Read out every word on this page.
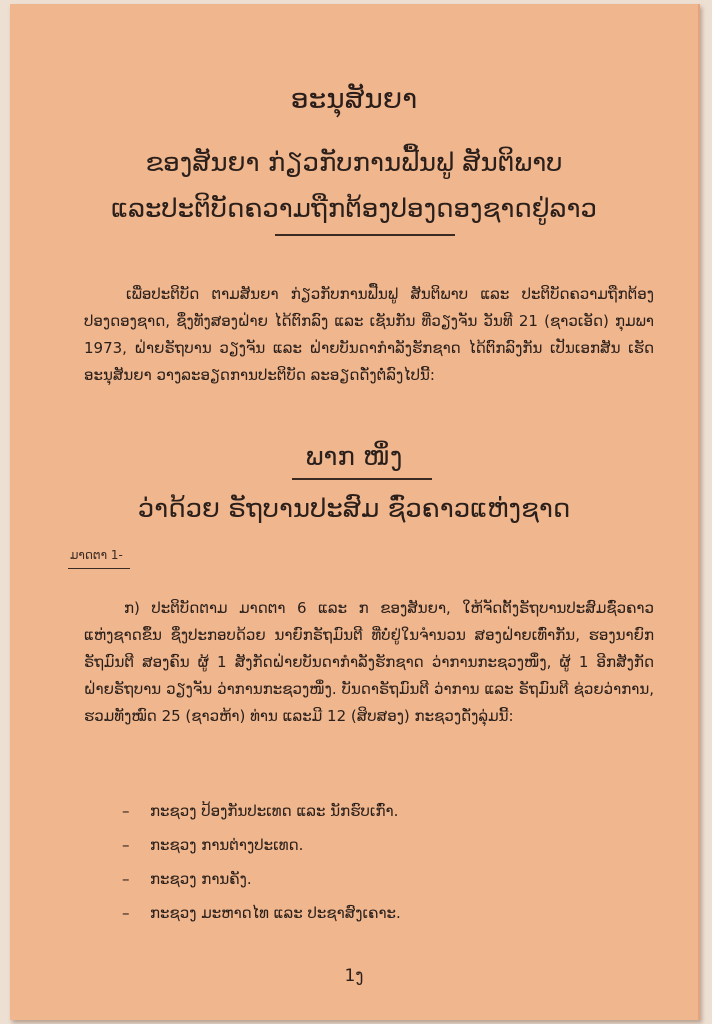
ອະນຸສັນຍາ
ຂອງສັນຍາ ກ່ຽວກັບການຟື້ນຟູ ສັນຕິພາບ
ແລະປະຕິບັດຄວາມຖືກຕ້ອງປອງດອງຊາດຢູ່ລາວ

ເພື່ອປະຕິບັດ ຕາມສັນຍາ ກ່ຽວກັບການຟື້ນຟູ ສັນຕິພາບ ແລະ ປະຕິບັດຄວາມຖືກຕ້ອງປອງດອງຊາດ, ຊຶ່ງທັງສອງຝ່າຍ ໄດ້ຕົກລົງ ແລະ ເຊັນກັນ ທີ່ວຽງຈັນ ວັນທີ 21 (ຊາວເອັດ) ກຸມພາ 1973, ຝ່າຍຣັຖບານ ວຽງຈັນ ແລະ ຝ່າຍບັນດາກຳລັງຮັກຊາດ ໄດ້ຕົກລົງກັນ ເປັນເອກສັນ ເຮັດອະນຸສັນຍາ ວາງລະອຽດການປະຕິບັດ ລະອຽດດັ່ງຕໍ່ລົງໄປນີ້:

ພາກ ໜຶ່ງ
ວ່າດ້ວຍ ຣັຖບານປະສົມ ຊົ່ວຄາວແຫ່ງຊາດ
ມາດຕາ 1-

ກ) ປະຕິບັດຕາມ ມາດຕາ 6 ແລະ ກ ຂອງສັນຍາ, ໃຫ້ຈັດຕັ້ງຣັຖບານປະສົມຊົ່ວຄາວແຫ່ງຊາດຂຶ້ນ ຊຶ່ງປະກອບດ້ວຍ ນາຍົກຣັຖມົນຕີ ທີ່ບໍ່ຢູ່ໃນຈຳນວນ ສອງຝ່າຍເທົ່າກັນ, ຮອງນາຍົກຣັຖມົນຕີ ສອງຄົນ ຜູ້ 1 ສັງກັດຝ່າຍບັນດາກຳລັງຮັກຊາດ ວ່າການກະຊວງໜຶ່ງ, ຜູ້ 1 ອີກສັງກັດ ຝ່າຍຣັຖບານ ວຽງຈັນ ວ່າການກະຊວງໜຶ່ງ. ບັນດາຣັຖມົນຕີ ວ່າການ ແລະ ຣັຖມົນຕີ ຊ່ວຍວ່າການ, ຮວມທັງໝົດ 25 (ຊາວຫ້າ) ທ່ານ ແລະມີ 12 (ສິບສອງ) ກະຊວງດັ່ງລຸ່ມນີ້:

– ກະຊວງ ປ້ອງກັນປະເທດ ແລະ ນັກຮົບເກົ່າ.
– ກະຊວງ ການຕ່າງປະເທດ.
– ກະຊວງ ການຄັງ.
– ກະຊວງ ມະຫາດໄທ ແລະ ປະຊາສົງເຄາະ.
1ງ
